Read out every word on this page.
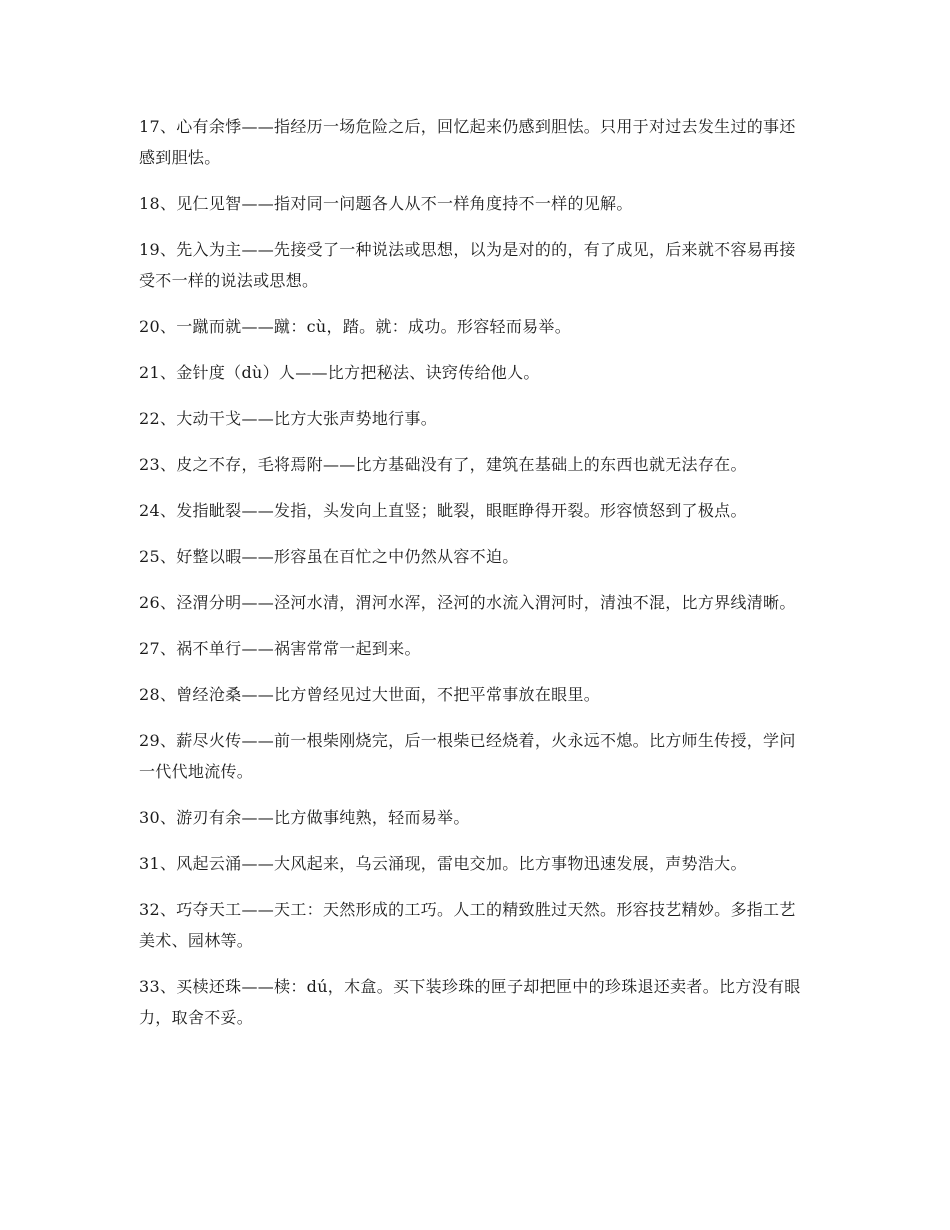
17、心有余悸——指经历一场危险之后，回忆起来仍感到胆怯。只用于对过去发生过的事还感到胆怯。

18、见仁见智——指对同一问题各人从不一样角度持不一样的见解。

19、先入为主——先接受了一种说法或思想，以为是对的的，有了成见，后来就不容易再接受不一样的说法或思想。

20、一蹴而就——蹴：cù，踏。就：成功。形容轻而易举。

21、金针度（dù）人——比方把秘法、诀窍传给他人。

22、大动干戈——比方大张声势地行事。

23、皮之不存，毛将焉附——比方基础没有了，建筑在基础上的东西也就无法存在。

24、发指眦裂——发指，头发向上直竖；眦裂，眼眶睁得开裂。形容愤怒到了极点。

25、好整以暇——形容虽在百忙之中仍然从容不迫。

26、泾渭分明——泾河水清，渭河水浑，泾河的水流入渭河时，清浊不混，比方界线清晰。

27、祸不单行——祸害常常一起到来。

28、曾经沧桑——比方曾经见过大世面，不把平常事放在眼里。

29、薪尽火传——前一根柴刚烧完，后一根柴已经烧着，火永远不熄。比方师生传授，学问一代代地流传。

30、游刃有余——比方做事纯熟，轻而易举。

31、风起云涌——大风起来，乌云涌现，雷电交加。比方事物迅速发展，声势浩大。

32、巧夺天工——天工：天然形成的工巧。人工的精致胜过天然。形容技艺精妙。多指工艺美术、园林等。

33、买椟还珠——椟：dú，木盒。买下装珍珠的匣子却把匣中的珍珠退还卖者。比方没有眼力，取舍不妥。
